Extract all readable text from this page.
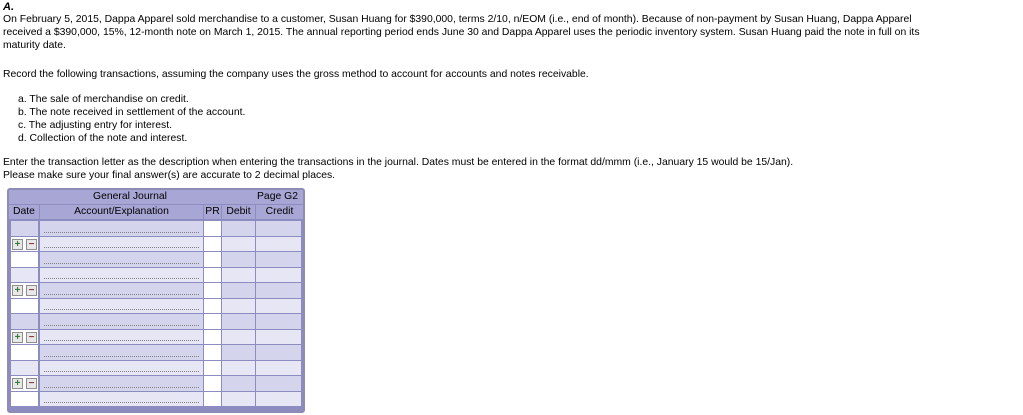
A.
On February 5, 2015, Dappa Apparel sold merchandise to a customer, Susan Huang for $390,000, terms 2/10, n/EOM (i.e., end of month). Because of non-payment by Susan Huang, Dappa Apparel
received a $390,000, 15%, 12-month note on March 1, 2015. The annual reporting period ends June 30 and Dappa Apparel uses the periodic inventory system. Susan Huang paid the note in full on its
maturity date.
Record the following transactions, assuming the company uses the gross method to account for accounts and notes receivable.
a. The sale of merchandise on credit.
b. The note received in settlement of the account.
c. The adjusting entry for interest.
d. Collection of the note and interest.
Enter the transaction letter as the description when entering the transactions in the journal. Dates must be entered in the format dd/mmm (i.e., January 15 would be 15/Jan).
Please make sure your final answer(s) are accurate to 2 decimal places.
General Journal	Page G2
Date	Account/Explanation	PR Debit	Credit
+ −
+ −
+ −
+ −
